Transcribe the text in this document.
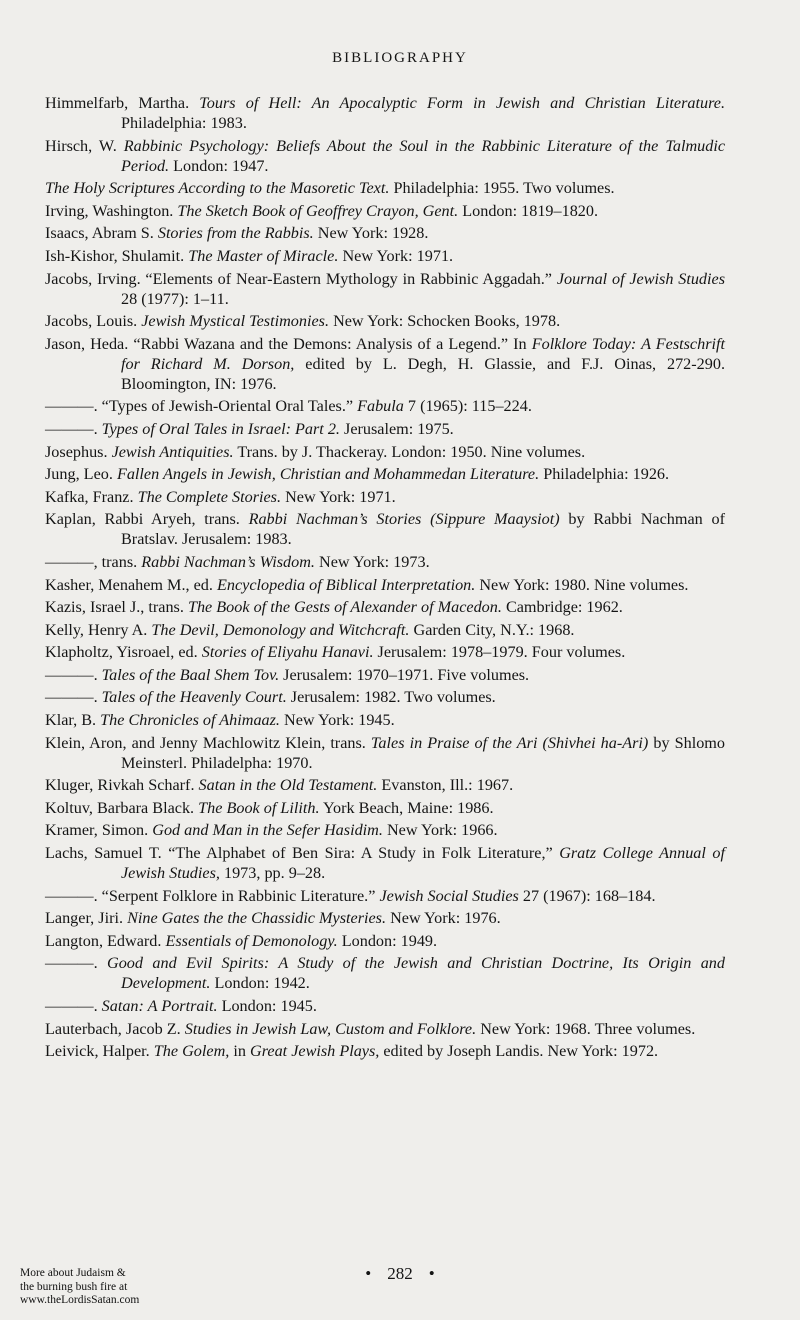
BIBLIOGRAPHY

Himmelfarb, Martha. Tours of Hell: An Apocalyptic Form in Jewish and Christian Literature. Philadelphia: 1983.

Hirsch, W. Rabbinic Psychology: Beliefs About the Soul in the Rabbinic Literature of the Talmudic Period. London: 1947.

The Holy Scriptures According to the Masoretic Text. Philadelphia: 1955. Two volumes.

Irving, Washington. The Sketch Book of Geoffrey Crayon, Gent. London: 1819–1820.

Isaacs, Abram S. Stories from the Rabbis. New York: 1928.

Ish-Kishor, Shulamit. The Master of Miracle. New York: 1971.

Jacobs, Irving. “Elements of Near-Eastern Mythology in Rabbinic Aggadah.” Journal of Jewish Studies 28 (1977): 1–11.

Jacobs, Louis. Jewish Mystical Testimonies. New York: Schocken Books, 1978.

Jason, Heda. “Rabbi Wazana and the Demons: Analysis of a Legend.” In Folklore Today: A Festschrift for Richard M. Dorson, edited by L. Degh, H. Glassie, and F.J. Oinas, 272-290. Bloomington, IN: 1976.

———. “Types of Jewish-Oriental Oral Tales.” Fabula 7 (1965): 115–224.

———. Types of Oral Tales in Israel: Part 2. Jerusalem: 1975.

Josephus. Jewish Antiquities. Trans. by J. Thackeray. London: 1950. Nine volumes.

Jung, Leo. Fallen Angels in Jewish, Christian and Mohammedan Literature. Philadelphia: 1926.

Kafka, Franz. The Complete Stories. New York: 1971.

Kaplan, Rabbi Aryeh, trans. Rabbi Nachman’s Stories (Sippure Maaysiot) by Rabbi Nachman of Bratslav. Jerusalem: 1983.

———, trans. Rabbi Nachman’s Wisdom. New York: 1973.

Kasher, Menahem M., ed. Encyclopedia of Biblical Interpretation. New York: 1980. Nine volumes.

Kazis, Israel J., trans. The Book of the Gests of Alexander of Macedon. Cambridge: 1962.

Kelly, Henry A. The Devil, Demonology and Witchcraft. Garden City, N.Y.: 1968.

Klapholtz, Yisroael, ed. Stories of Eliyahu Hanavi. Jerusalem: 1978–1979. Four volumes.

———. Tales of the Baal Shem Tov. Jerusalem: 1970–1971. Five volumes.

———. Tales of the Heavenly Court. Jerusalem: 1982. Two volumes.

Klar, B. The Chronicles of Ahimaaz. New York: 1945.

Klein, Aron, and Jenny Machlowitz Klein, trans. Tales in Praise of the Ari (Shivhei ha-Ari) by Shlomo Meinsterl. Philadelpha: 1970.

Kluger, Rivkah Scharf. Satan in the Old Testament. Evanston, Ill.: 1967.

Koltuv, Barbara Black. The Book of Lilith. York Beach, Maine: 1986.

Kramer, Simon. God and Man in the Sefer Hasidim. New York: 1966.

Lachs, Samuel T. “The Alphabet of Ben Sira: A Study in Folk Literature,” Gratz College Annual of Jewish Studies, 1973, pp. 9–28.

———. “Serpent Folklore in Rabbinic Literature.” Jewish Social Studies 27 (1967): 168–184.

Langer, Jiri. Nine Gates the the Chassidic Mysteries. New York: 1976.

Langton, Edward. Essentials of Demonology. London: 1949.

———. Good and Evil Spirits: A Study of the Jewish and Christian Doctrine, Its Origin and Development. London: 1942.

———. Satan: A Portrait. London: 1945.

Lauterbach, Jacob Z. Studies in Jewish Law, Custom and Folklore. New York: 1968. Three volumes.

Leivick, Halper. The Golem, in Great Jewish Plays, edited by Joseph Landis. New York: 1972.

• 282 •
More about Judaism &
the burning bush fire at
www.theLordisSatan.com
